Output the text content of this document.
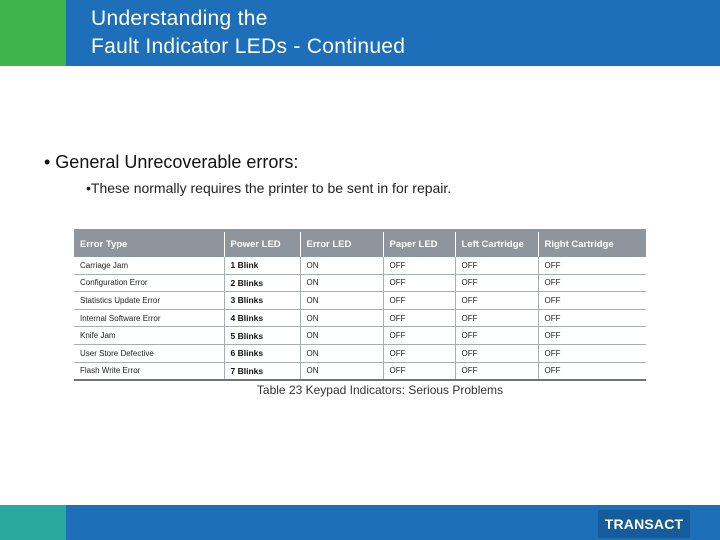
Understanding the
Fault Indicator LEDs - Continued
• General Unrecoverable errors:
•These normally requires the printer to be sent in for repair.
Error Type	Power LED	Error LED	Paper LED	Left Cartridge	Right Cartridge
Carriage Jam	1 Blink	ON	OFF	OFF	OFF
Configuration Error	2 Blinks	ON	OFF	OFF	OFF
Statistics Update Error	3 Blinks	ON	OFF	OFF	OFF
Internal Software Error	4 Blinks	ON	OFF	OFF	OFF
Knife Jam	5 Blinks	ON	OFF	OFF	OFF
User Store Defective	6 Blinks	ON	OFF	OFF	OFF
Flash Write Error	7 Blinks	ON	OFF	OFF	OFF
Table 23 Keypad Indicators: Serious Problems
TRANSACT
